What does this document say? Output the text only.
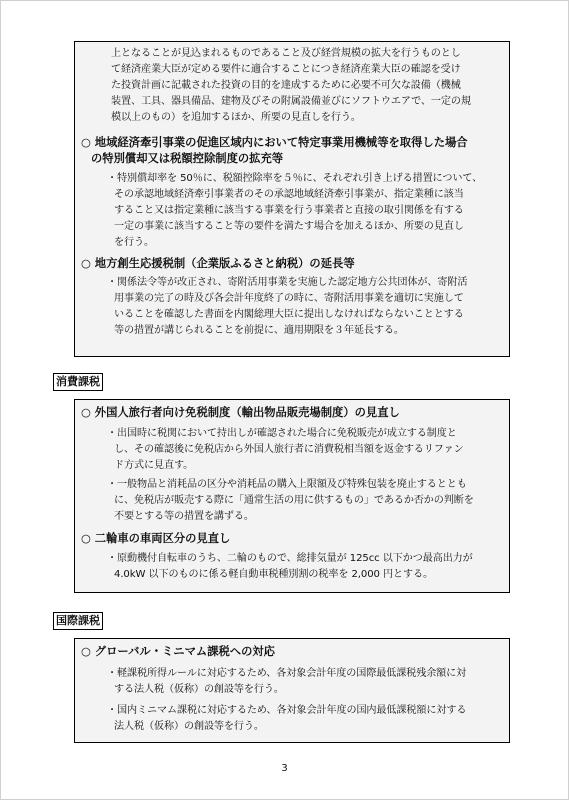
上となることが見込まれるものであること及び経営規模の拡大を行うものとし
て経済産業大臣が定める要件に適合することにつき経済産業大臣の確認を受け
た投資計画に記載された投資の目的を達成するために必要不可欠な設備（機械
装置、工具、器具備品、建物及びその附属設備並びにソフトウエアで、一定の規
模以上のもの）を追加するほか、所要の見直しを行う。
○ 地域経済牽引事業の促進区域内において特定事業用機械等を取得した場合
の特別償却又は税額控除制度の拡充等
・特別償却率を 50％に、税額控除率を５％に、それぞれ引き上げる措置について、
その承認地域経済牽引事業者のその承認地域経済牽引事業が、指定業種に該当
すること又は指定業種に該当する事業を行う事業者と直接の取引関係を有する
一定の事業に該当すること等の要件を満たす場合を加えるほか、所要の見直し
を行う。
○ 地方創生応援税制（企業版ふるさと納税）の延長等
・関係法令等が改正され、寄附活用事業を実施した認定地方公共団体が、寄附活
用事業の完了の時及び各会計年度終了の時に、寄附活用事業を適切に実施して
いることを確認した書面を内閣総理大臣に提出しなければならないこととする
等の措置が講じられることを前提に、適用期限を３年延長する。
消費課税
○ 外国人旅行者向け免税制度（輸出物品販売場制度）の見直し
・出国時に税関において持出しが確認された場合に免税販売が成立する制度と
し、その確認後に免税店から外国人旅行者に消費税相当額を返金するリファン
ド方式に見直す。
・一般物品と消耗品の区分や消耗品の購入上限額及び特殊包装を廃止するととも
に、免税店が販売する際に「通常生活の用に供するもの」であるか否かの判断を
不要とする等の措置を講ずる。
○ 二輪車の車両区分の見直し
・原動機付自転車のうち、二輪のもので、総排気量が 125cc 以下かつ最高出力が
4.0kW 以下のものに係る軽自動車税種別割の税率を 2,000 円とする。
国際課税
○ グローバル・ミニマム課税への対応
・軽課税所得ルールに対応するため、各対象会計年度の国際最低課税残余額に対
する法人税（仮称）の創設等を行う。
・国内ミニマム課税に対応するため、各対象会計年度の国内最低課税額に対する
法人税（仮称）の創設等を行う。
3
